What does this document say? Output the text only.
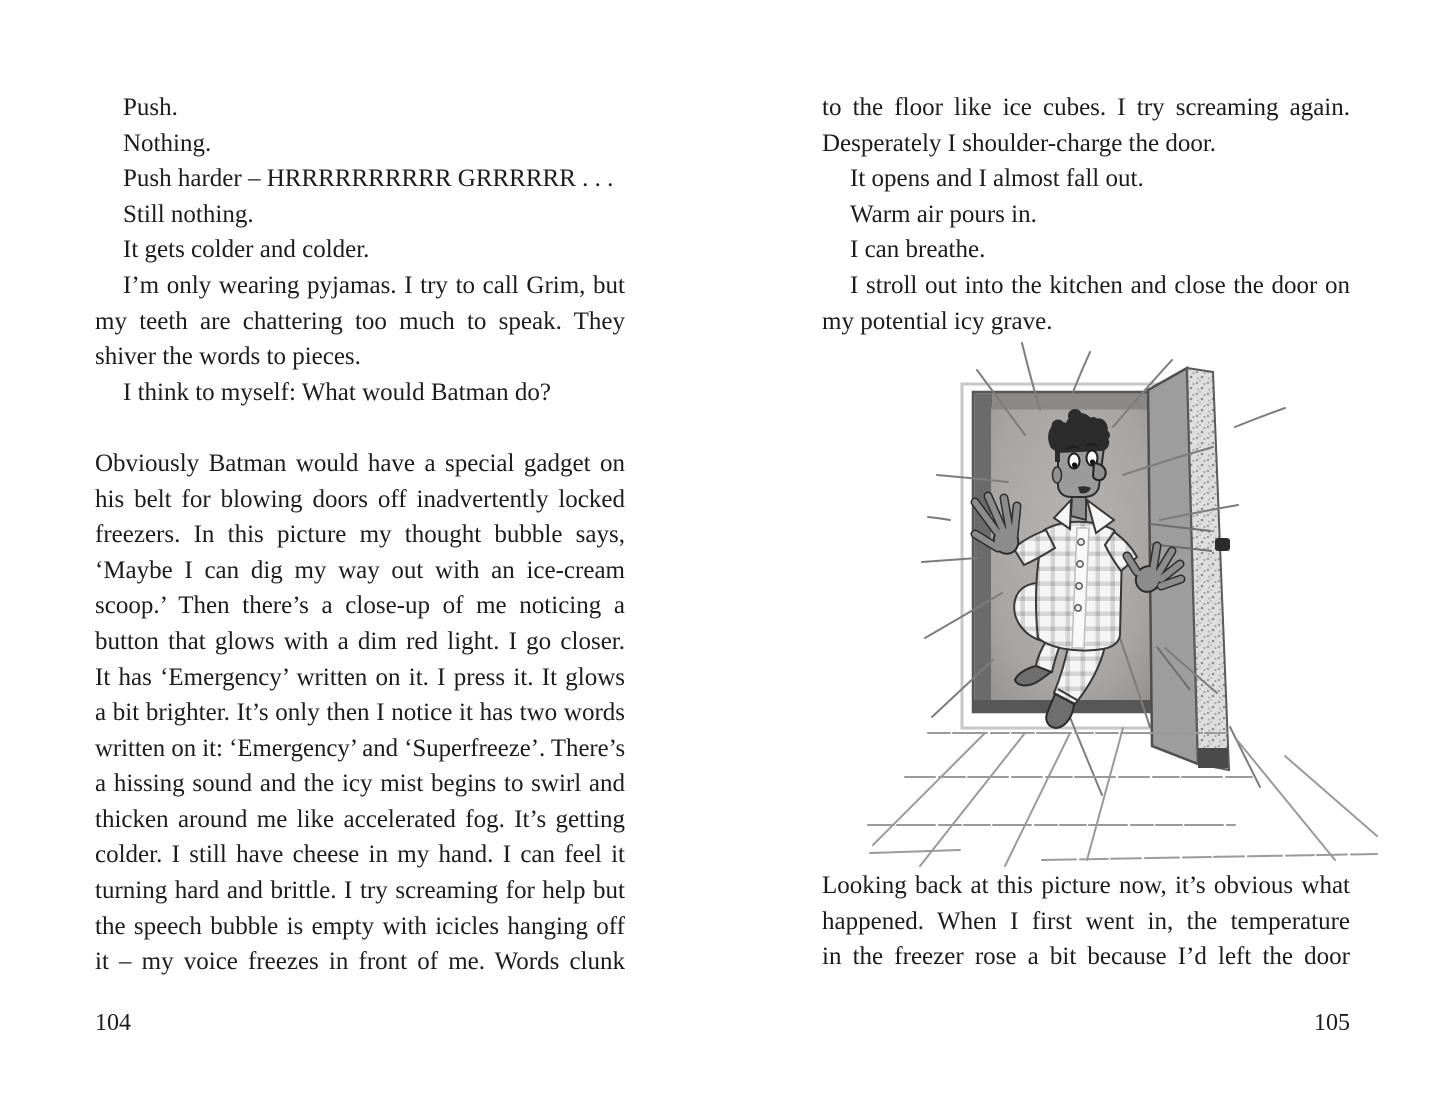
Push.
Nothing.
Push harder – HRRRRRRRRRR GRRRRRR . . .
Still nothing.
It gets colder and colder.
I’m only wearing pyjamas. I try to call Grim, but
my teeth are chattering too much to speak. They
shiver the words to pieces.
I think to myself: What would Batman do?
Obviously Batman would have a special gadget on
his belt for blowing doors off inadvertently locked
freezers. In this picture my thought bubble says,
‘Maybe I can dig my way out with an ice-cream
scoop.’ Then there’s a close-up of me noticing a
button that glows with a dim red light. I go closer.
It has ‘Emergency’ written on it. I press it. It glows
a bit brighter. It’s only then I notice it has two words
written on it: ‘Emergency’ and ‘Superfreeze’. There’s
a hissing sound and the icy mist begins to swirl and
thicken around me like accelerated fog. It’s getting
colder. I still have cheese in my hand. I can feel it
turning hard and brittle. I try screaming for help but
the speech bubble is empty with icicles hanging off
it – my voice freezes in front of me. Words clunk
to the floor like ice cubes. I try screaming again.
Desperately I shoulder-charge the door.
It opens and I almost fall out.
Warm air pours in.
I can breathe.
I stroll out into the kitchen and close the door on
my potential icy grave.
Looking back at this picture now, it’s obvious what
happened. When I first went in, the temperature
in the freezer rose a bit because I’d left the door
104	105
